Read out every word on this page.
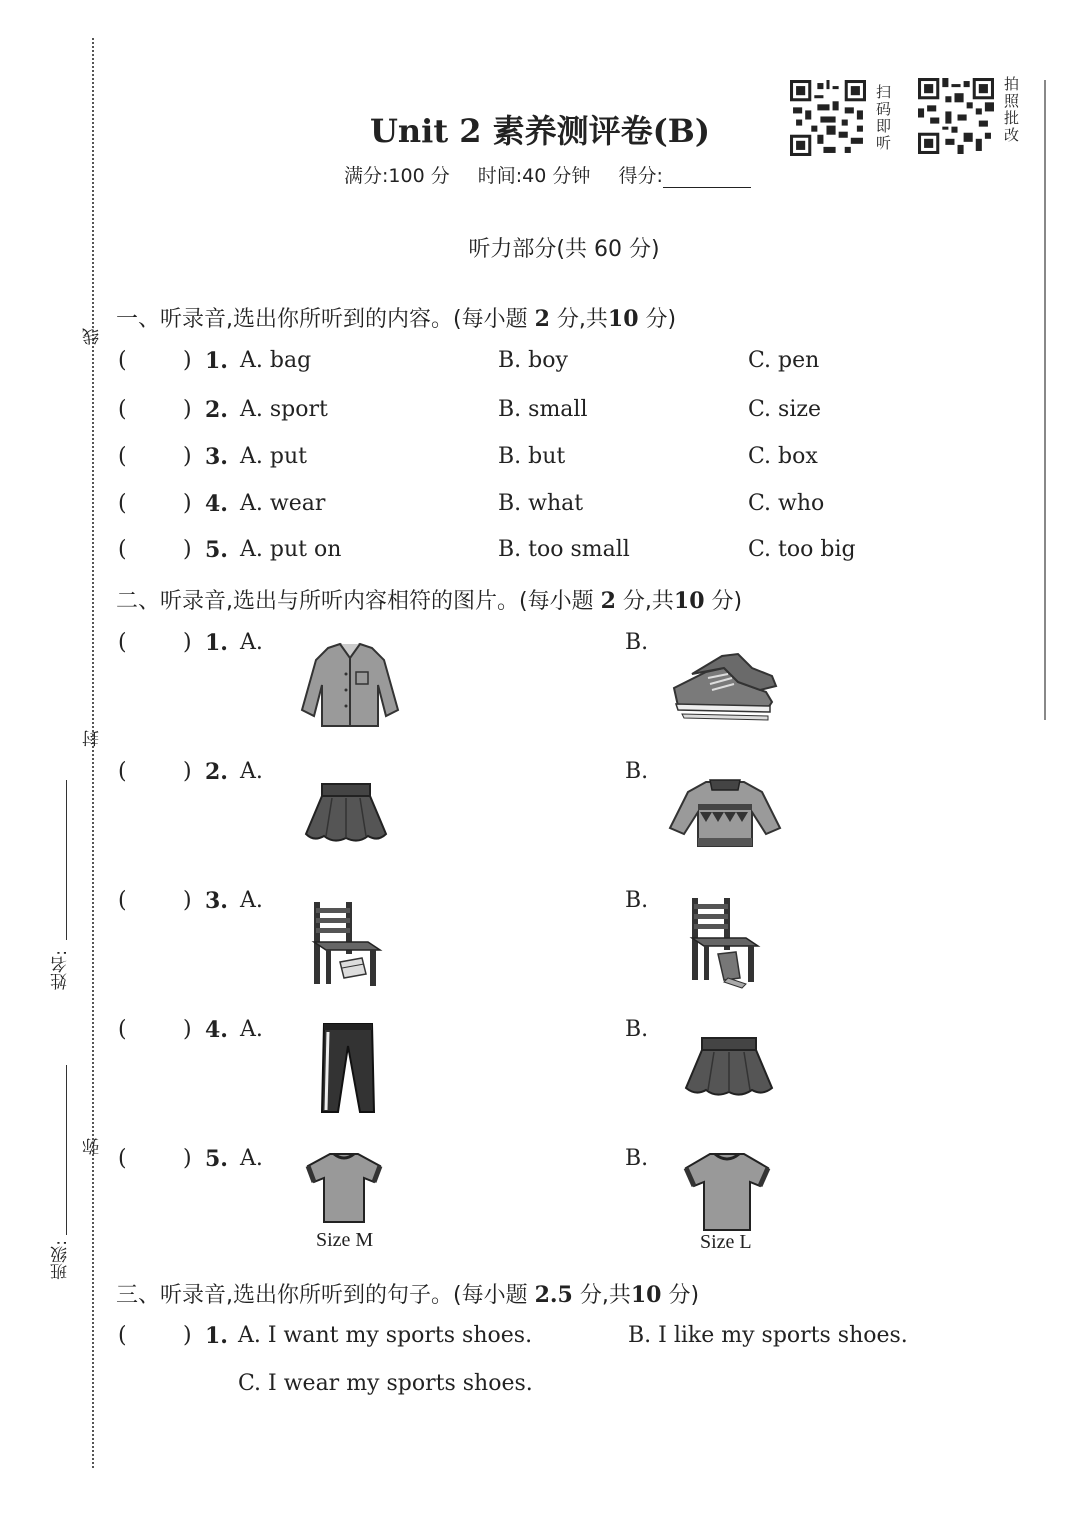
线
封
弥
姓名:
班级:
扫
码
即
听
拍
照
批
改
Unit 2 素养测评卷(B)
满分:100 分 时间:40 分钟 得分:
听力部分(共 60 分)
一、听录音,选出你所听到的内容。(每小题 2 分,共10 分)
(	) 1. A. bag	B. boy	C. pen
(	) 2. A. sport	B. small	C. size
(	) 3. A. put	B. but	C. box
(	) 4. A. wear	B. what	C. who
(	) 5. A. put on	B. too small	C. too big
二、听录音,选出与所听内容相符的图片。(每小题 2 分,共10 分)
(	) 1. A.	B.
(	) 2. A.	B.
(	) 3. A.	B.
(	) 4. A.	B.
(	) 5. A.	B.
Size M	Size L
三、听录音,选出你所听到的句子。(每小题 2.5 分,共10 分)
(	) 1. A. I want my sports shoes.	B. I like my sports shoes.
C. I wear my sports shoes.
